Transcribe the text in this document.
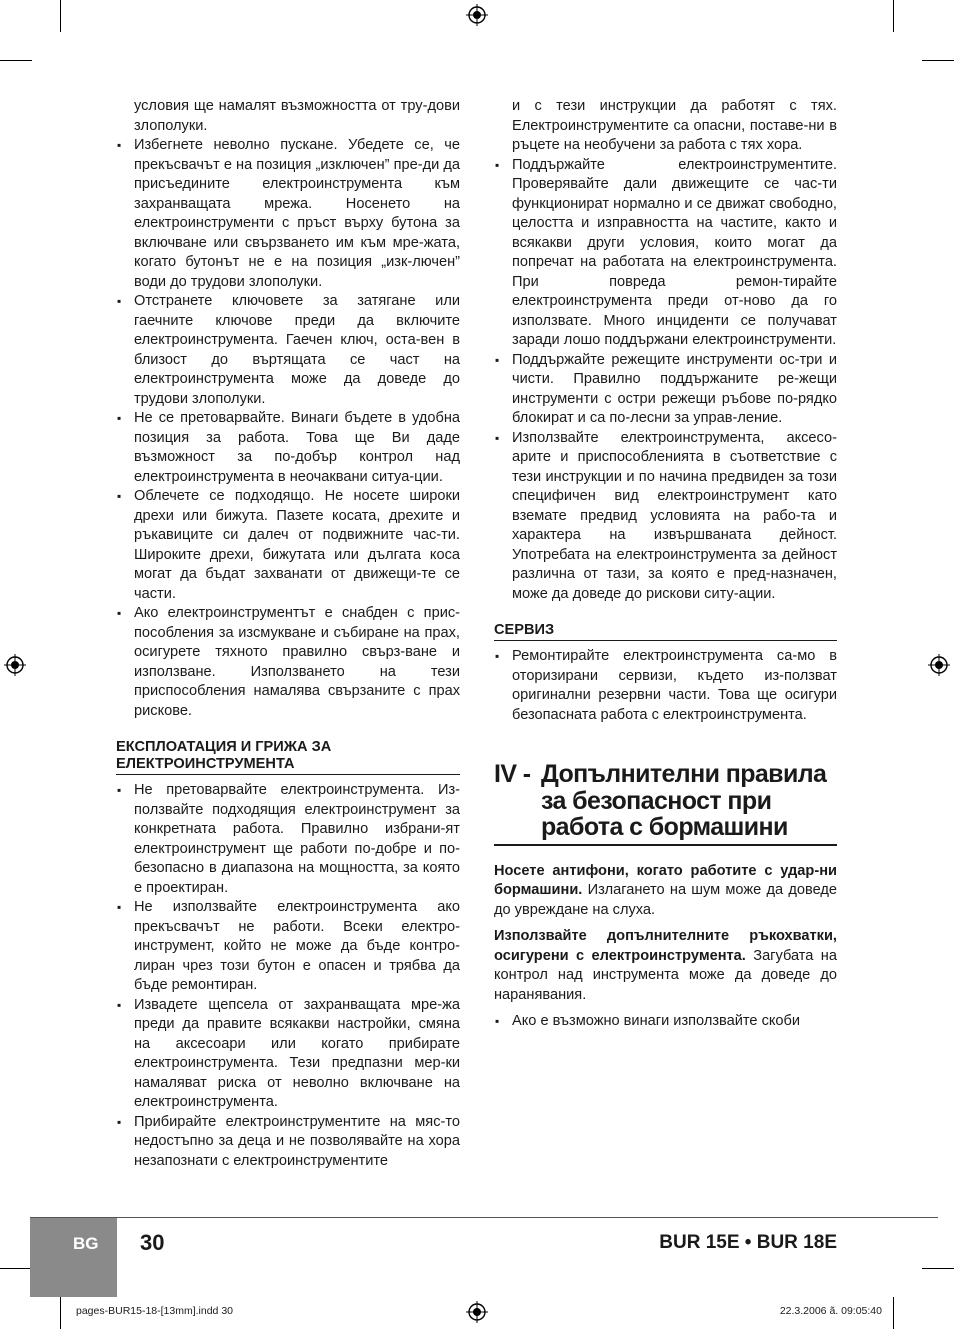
условия ще намалят възможността от тру-дови злополуки.

▪ Избегнете неволно пускане. Убедете се, че прекъсвачът е на позиция „изключен” пре-ди да присъедините електроинструмента към захранващата мрежа. Носенето на електроинструменти с пръст върху бутона за включване или свързването им към мре-жата, когато бутонът не е на позиция „изк-лючен” води до трудови злополуки.

▪ Отстранете ключовете за затягане или гаечните ключове преди да включите електроинструмента. Гаечен ключ, оста-вен в близост до въртящата се част на електроинструмента може да доведе до трудови злополуки.

▪ Не се претоварвайте. Винаги бъдете в удобна позиция за работа. Това ще Ви даде възможност за по-добър контрол над електроинструмента в неочаквани ситуа-ции.

▪ Облечете се подходящо. Не носете широки дрехи или бижута. Пазете косата, дрехите и ръкавиците си далеч от подвижните час-ти. Широките дрехи, бижутата или дългата коса могат да бъдат захванати от движещи-те се части.

▪ Ако електроинструментът е снабден с прис-пособления за изсмукване и събиране на прах, осигурете тяхното правилно свърз-ване и използване. Използването на тези приспособления намалява свързаните с прах рискове.

ЕКСПЛОАТАЦИЯ И ГРИЖА ЗА ЕЛЕКТРОИНСТРУМЕНТА

▪ Не претоварвайте електроинструмента. Из-ползвайте подходящия електроинструмент за конкретната работа. Правилно избрани-ят електроинструмент ще работи по-добре и по-безопасно в диапазона на мощността, за която е проектиран.

▪ Не използвайте електроинструмента ако прекъсвачът не работи. Всеки електро-инструмент, който не може да бъде контро-лиран чрез този бутон е опасен и трябва да бъде ремонтиран.

▪ Извадете щепсела от захранващата мре-жа преди да правите всякакви настройки, смяна на аксесоари или когато прибирате електроинструмента. Тези предпазни мер-ки намаляват риска от неволно включване на електроинструмента.

▪ Прибирайте електроинструментите на мяс-то недостъпно за деца и не позволявайте на хора незапознати с електроинструментите

и с тези инструкции да работят с тях. Електроинструментите са опасни, поставе-ни в ръцете на необучени за работа с тях хора.

▪ Поддържайте електроинструментите. Проверявайте дали движещите се час-ти функционират нормално и се движат свободно, целостта и изправността на частите, както и всякакви други условия, които могат да попречат на работата на електроинструмента. При повреда ремон-тирайте електроинструмента преди от-ново да го използвате. Много инциденти се получават заради лошо поддържани електроинструменти.

▪ Поддържайте режещите инструменти ос-три и чисти. Правилно поддържаните ре-жещи инструменти с остри режещи ръбове по-рядко блокират и са по-лесни за управ-ление.

▪ Използвайте електроинструмента, аксесо-арите и приспособленията в съответствие с тези инструкции и по начина предвиден за този специфичен вид електроинструмент като вземате предвид условията на рабо-та и характера на извършваната дейност. Употребата на електроинструмента за дейност различна от тази, за която е пред-назначен, може да доведе до рискови ситу-ации.

СЕРВИЗ

▪ Ремонтирайте електроинструмента са-мо в оторизирани сервизи, където из-ползват оригинални резервни части. Това ще осигури безопасната работа с електроинструмента.

IV - Допълнителни правила за безопасност при работа с бормашини

Носете антифони, когато работите с удар-ни бормашини. Излагането на шум може да доведе до увреждане на слуха.

Използвайте допълнителните ръкохватки, осигурени с електроинструмента. Загубата на контрол над инструмента може да доведе до наранявания.

▪ Ако е възможно винаги използвайте скоби

BG 30	BUR 15E • BUR 18E
pages-BUR15-18-[13mm].indd 30	22.3.2006 ã. 09:05:40
